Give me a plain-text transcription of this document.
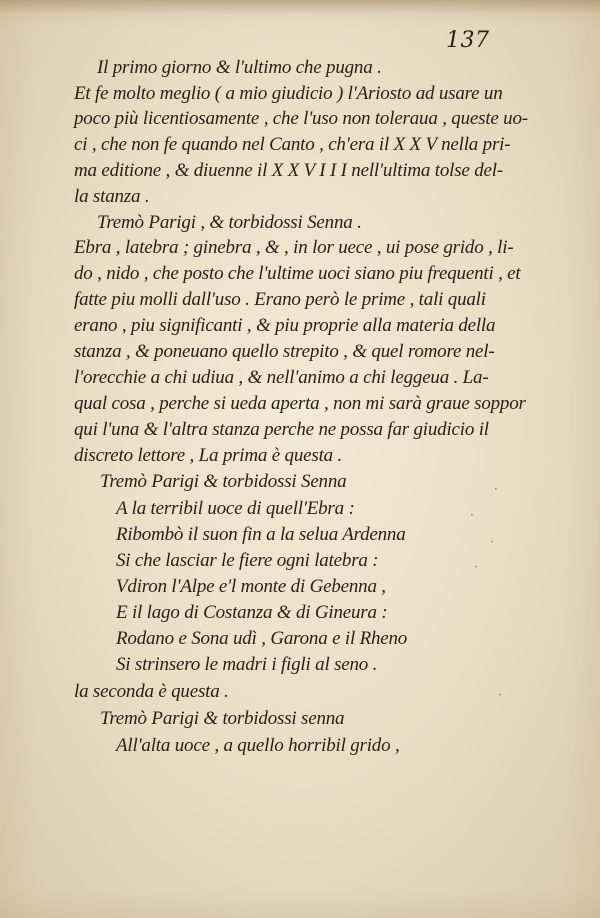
137
Il primo giorno & l'ultimo che pugna .
Et fe molto meglio ( a mio giudicio ) l'Ariosto ad usare un
poco più licentiosamente , che l'uso non toleraua , queste uo-
ci , che non fe quando nel Canto , ch'era il X X V nella pri-
ma editione , & diuenne il X X V I I I nell'ultima tolse del-
la stanza .
Tremò Parigi , & torbidossi Senna .
Ebra , latebra ; ginebra , & , in lor uece , ui pose grido , li-
do , nido , che posto che l'ultime uoci siano piu frequenti , et
fatte piu molli dall'uso . Erano però le prime , tali quali
erano , piu significanti , & piu proprie alla materia della
stanza , & poneuano quello strepito , & quel romore nel-
l'orecchie a chi udiua , & nell'animo a chi leggeua . La-
qual cosa , perche si ueda aperta , non mi sarà graue soppor
qui l'una & l'altra stanza perche ne possa far giudicio il
discreto lettore , La prima è questa .
Tremò Parigi & torbidossi Senna
A la terribil uoce di quell'Ebra :
Ribombò il suon fin a la selua Ardenna
Si che lasciar le fiere ogni latebra :
Vdiron l'Alpe e'l monte di Gebenna ,
E il lago di Costanza & di Gineura :
Rodano e Sona udì , Garona e il Rheno
Si strinsero le madri i figli al seno .
la seconda è questa .
Tremò Parigi & torbidossi senna
All'alta uoce , a quello horribil grido ,
·
·
·
·
·
